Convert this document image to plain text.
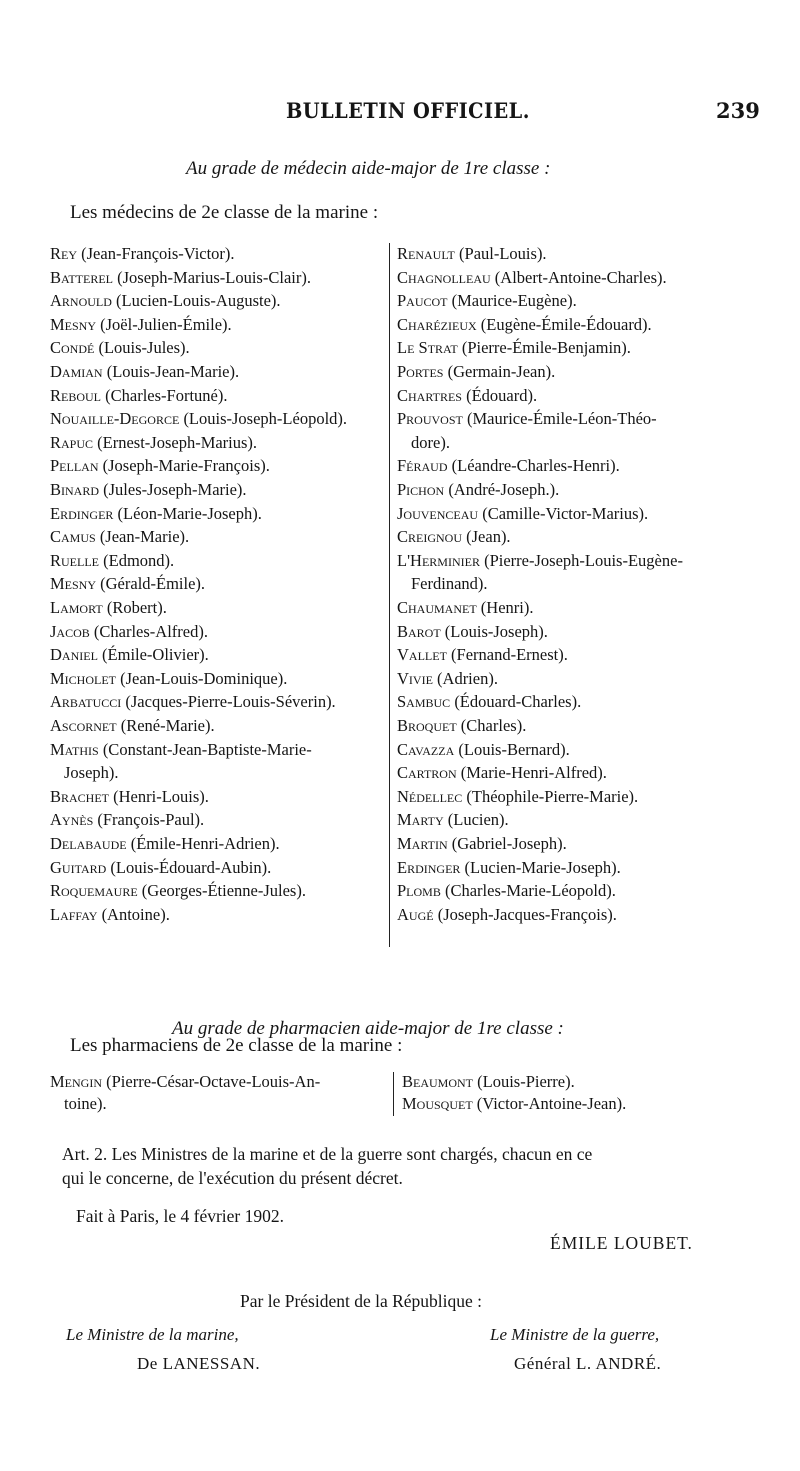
BULLETIN OFFICIEL.	239
Au grade de médecin aide-major de 1re classe :
Les médecins de 2e classe de la marine :
Rey (Jean-François-Victor).
Batterel (Joseph-Marius-Louis-Clair).
Arnould (Lucien-Louis-Auguste).
Mesny (Joël-Julien-Émile).
Condé (Louis-Jules).
Damian (Louis-Jean-Marie).
Reboul (Charles-Fortuné).
Nouaille-Degorce (Louis-Joseph-Léopold).
Rapuc (Ernest-Joseph-Marius).
Pellan (Joseph-Marie-François).
Binard (Jules-Joseph-Marie).
Erdinger (Léon-Marie-Joseph).
Camus (Jean-Marie).
Ruelle (Edmond).
Mesny (Gérald-Émile).
Lamort (Robert).
Jacob (Charles-Alfred).
Daniel (Émile-Olivier).
Micholet (Jean-Louis-Dominique).
Arbatucci (Jacques-Pierre-Louis-Séverin).
Ascornet (René-Marie).
Mathis (Constant-Jean-Baptiste-Marie-
Joseph).
Brachet (Henri-Louis).
Aynès (François-Paul).
Delabaude (Émile-Henri-Adrien).
Guitard (Louis-Édouard-Aubin).
Roquemaure (Georges-Étienne-Jules).
Laffay (Antoine).
Renault (Paul-Louis).
Chagnolleau (Albert-Antoine-Charles).
Paucot (Maurice-Eugène).
Charézieux (Eugène-Émile-Édouard).
Le Strat (Pierre-Émile-Benjamin).
Portes (Germain-Jean).
Chartres (Édouard).
Prouvost (Maurice-Émile-Léon-Théo-
dore).
Féraud (Léandre-Charles-Henri).
Pichon (André-Joseph.).
Jouvenceau (Camille-Victor-Marius).
Creignou (Jean).
L'Herminier (Pierre-Joseph-Louis-Eugène-
Ferdinand).
Chaumanet (Henri).
Barot (Louis-Joseph).
Vallet (Fernand-Ernest).
Vivie (Adrien).
Sambuc (Édouard-Charles).
Broquet (Charles).
Cavazza (Louis-Bernard).
Cartron (Marie-Henri-Alfred).
Nédellec (Théophile-Pierre-Marie).
Marty (Lucien).
Martin (Gabriel-Joseph).
Erdinger (Lucien-Marie-Joseph).
Plomb (Charles-Marie-Léopold).
Augé (Joseph-Jacques-François).
Au grade de pharmacien aide-major de 1re classe :
Les pharmaciens de 2e classe de la marine :
Mengin (Pierre-César-Octave-Louis-An-
toine).
Beaumont (Louis-Pierre).
Mousquet (Victor-Antoine-Jean).
Art. 2. Les Ministres de la marine et de la guerre sont chargés, chacun en ce
qui le concerne, de l'exécution du présent décret.
Fait à Paris, le 4 février 1902.
ÉMILE LOUBET.
Par le Président de la République :
Le Ministre de la marine,
De LANESSAN.
Le Ministre de la guerre,
Général L. ANDRÉ.
